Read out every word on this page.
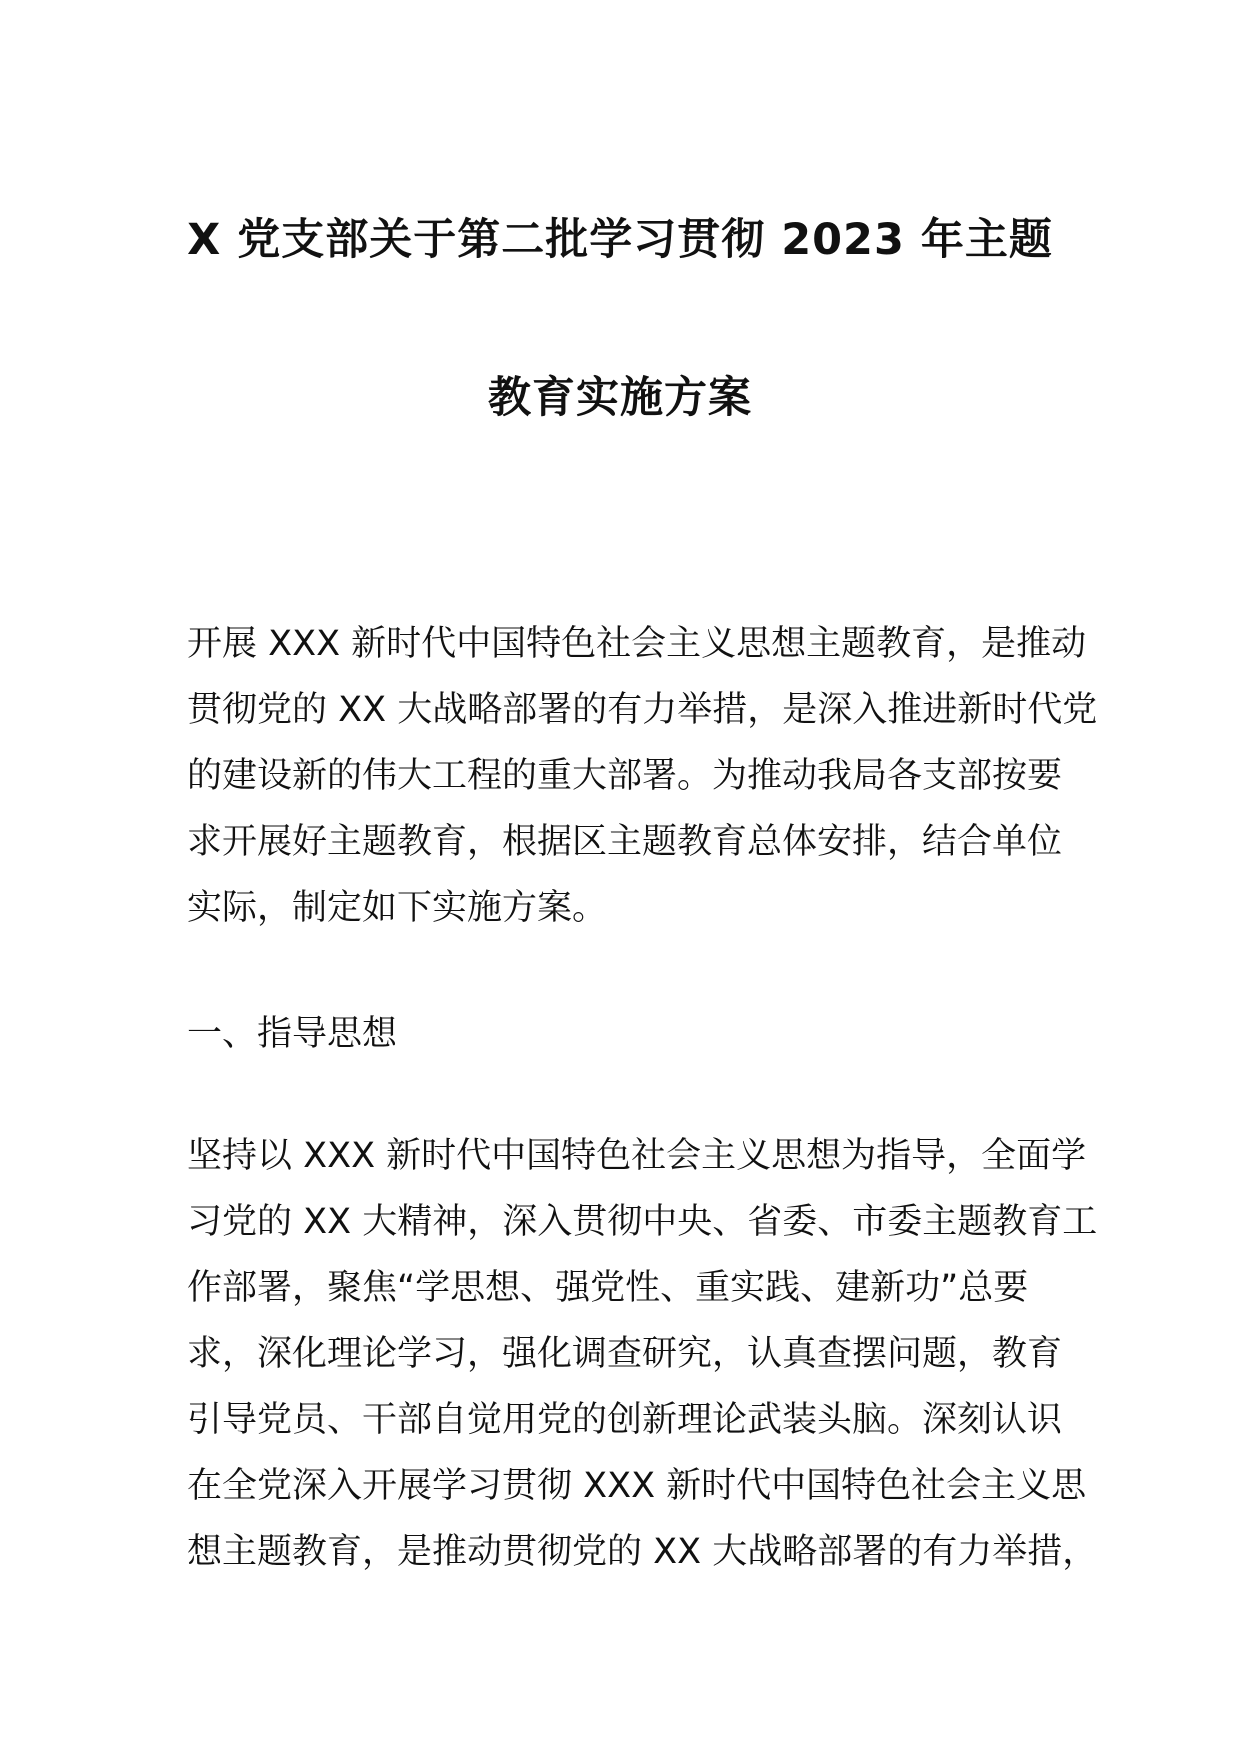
X 党支部关于第二批学习贯彻 2023 年主题
教育实施方案

开展 XXX 新时代中国特色社会主义思想主题教育，是推动
贯彻党的 XX 大战略部署的有力举措，是深入推进新时代党
的建设新的伟大工程的重大部署。为推动我局各支部按要
求开展好主题教育，根据区主题教育总体安排，结合单位
实际，制定如下实施方案。

一、指导思想

坚持以 XXX 新时代中国特色社会主义思想为指导，全面学
习党的 XX 大精神，深入贯彻中央、省委、市委主题教育工
作部署，聚焦“学思想、强党性、重实践、建新功”总要
求，深化理论学习，强化调查研究，认真查摆问题，教育
引导党员、干部自觉用党的创新理论武装头脑。深刻认识
在全党深入开展学习贯彻 XXX 新时代中国特色社会主义思
想主题教育，是推动贯彻党的 XX 大战略部署的有力举措，
